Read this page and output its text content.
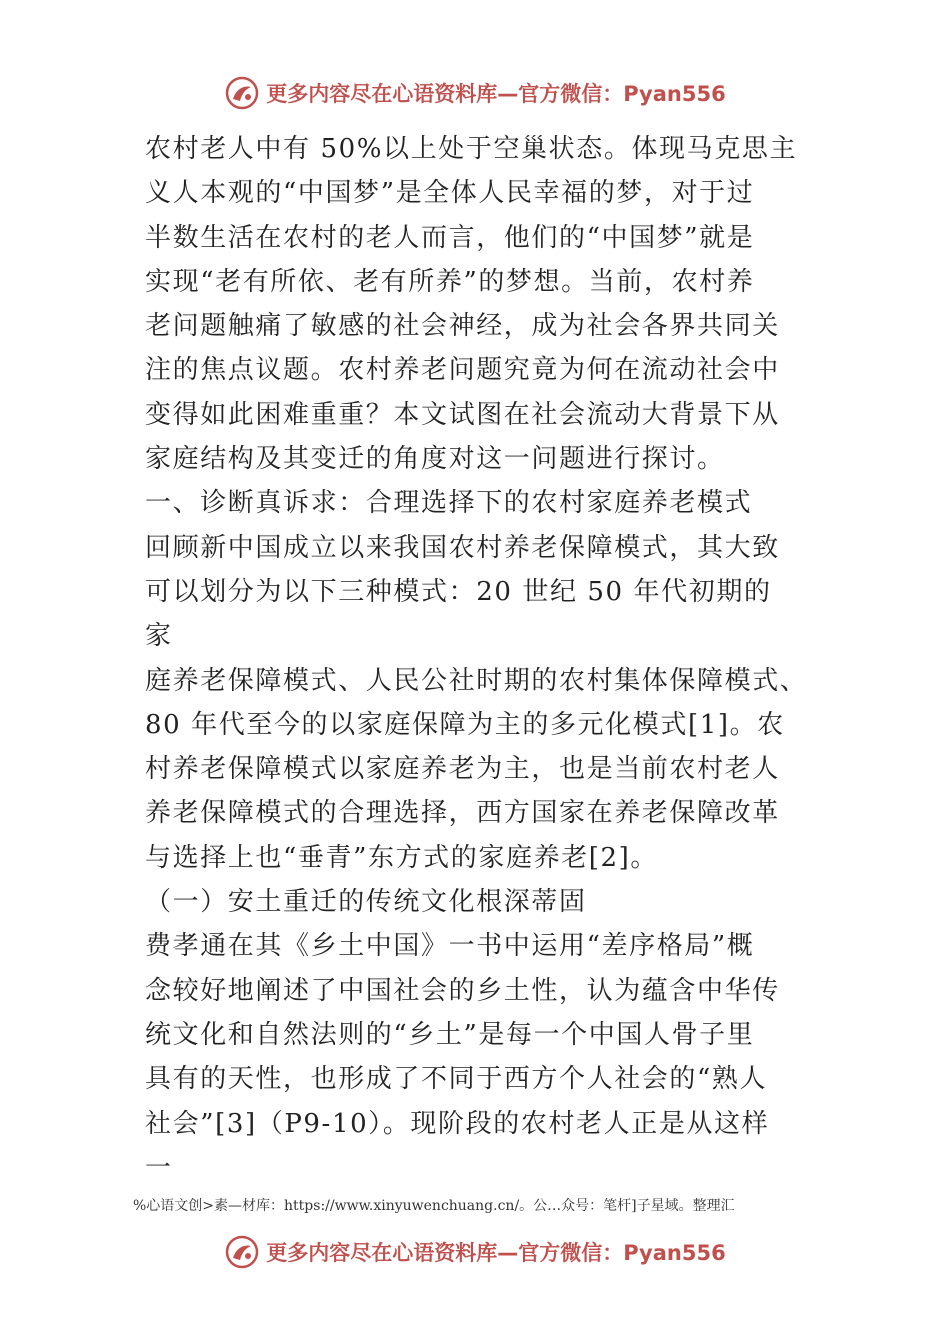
更多内容尽在心语资料库—官方微信：Pyan556
农村老人中有 50%以上处于空巢状态。体现马克思主
义人本观的“中国梦”是全体人民幸福的梦，对于过
半数生活在农村的老人而言，他们的“中国梦”就是
实现“老有所依、老有所养”的梦想。当前，农村养
老问题触痛了敏感的社会神经，成为社会各界共同关
注的焦点议题。农村养老问题究竟为何在流动社会中
变得如此困难重重？本文试图在社会流动大背景下从
家庭结构及其变迁的角度对这一问题进行探讨。
一、诊断真诉求：合理选择下的农村家庭养老模式
回顾新中国成立以来我国农村养老保障模式，其大致
可以划分为以下三种模式：20 世纪 50 年代初期的
家
庭养老保障模式、人民公社时期的农村集体保障模式、
80 年代至今的以家庭保障为主的多元化模式[1]。农
村养老保障模式以家庭养老为主，也是当前农村老人
养老保障模式的合理选择，西方国家在养老保障改革
与选择上也“垂青”东方式的家庭养老[2]。
（一）安土重迁的传统文化根深蒂固
费孝通在其《乡土中国》一书中运用“差序格局”概
念较好地阐述了中国社会的乡土性，认为蕴含中华传
统文化和自然法则的“乡土”是每一个中国人骨子里
具有的天性，也形成了不同于西方个人社会的“熟人
社会”[3]（P9-10）。现阶段的农村老人正是从这样
一
%心语文创>素—材库：https://www.xinyuwenchuang.cn/。公…众号：笔杆]子星域。整理汇
更多内容尽在心语资料库—官方微信：Pyan556
